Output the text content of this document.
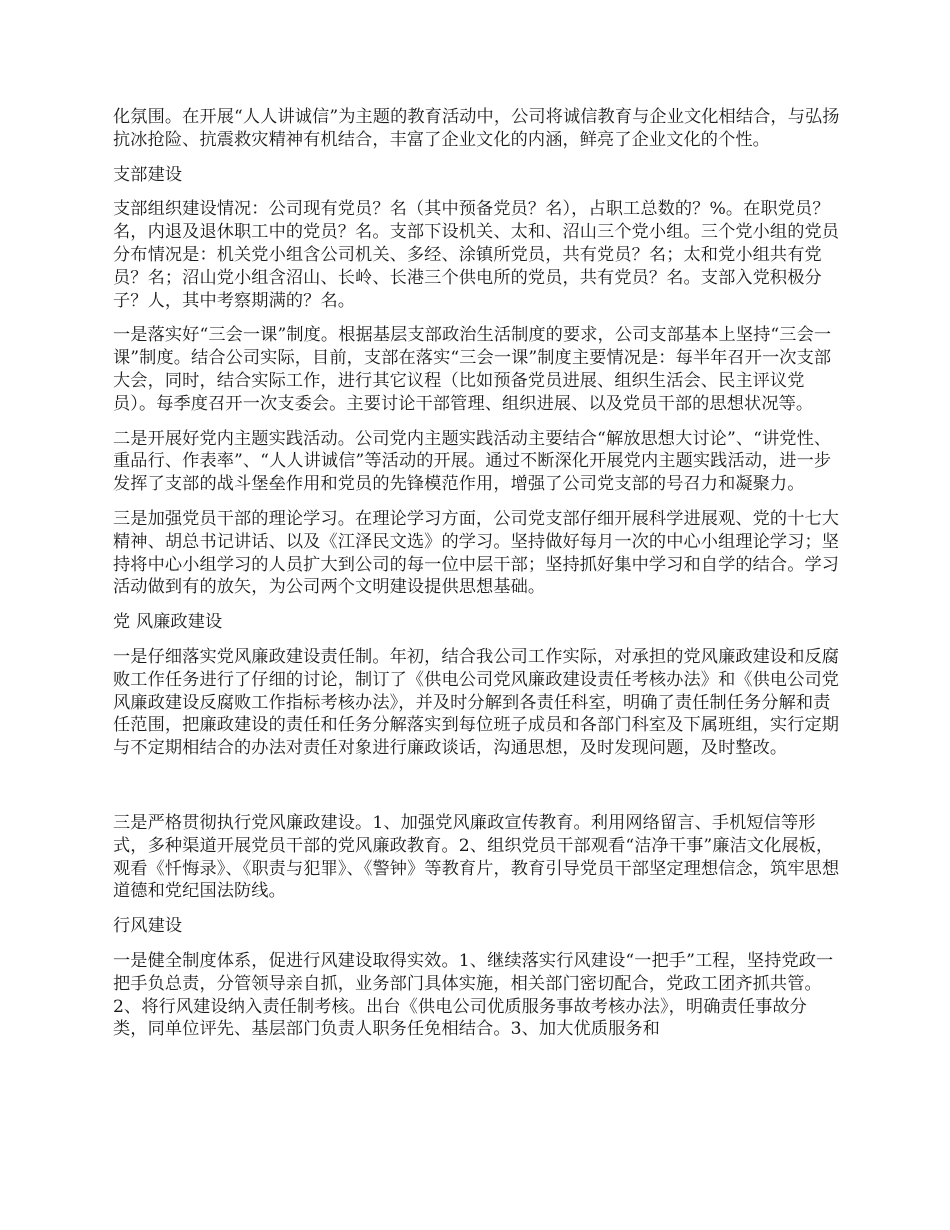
化氛围。在开展“人人讲诚信”为主题的教育活动中，公司将诚信教育与企业文化相结合，与弘扬抗冰抢险、抗震救灾精神有机结合，丰富了企业文化的内涵，鲜亮了企业文化的个性。

支部建设

支部组织建设情况：公司现有党员？名（其中预备党员？名），占职工总数的？%。在职党员？名，内退及退休职工中的党员？名。支部下设机关、太和、沼山三个党小组。三个党小组的党员分布情况是：机关党小组含公司机关、多经、涂镇所党员，共有党员？名；太和党小组共有党员？名；沼山党小组含沼山、长岭、长港三个供电所的党员，共有党员？名。支部入党积极分子？人，其中考察期满的？名。

一是落实好“三会一课”制度。根据基层支部政治生活制度的要求，公司支部基本上坚持“三会一课”制度。结合公司实际，目前，支部在落实“三会一课”制度主要情况是：每半年召开一次支部大会，同时，结合实际工作，进行其它议程（比如预备党员进展、组织生活会、民主评议党员）。每季度召开一次支委会。主要讨论干部管理、组织进展、以及党员干部的思想状况等。

二是开展好党内主题实践活动。公司党内主题实践活动主要结合“解放思想大讨论”、“讲党性、重品行、作表率”、“人人讲诚信”等活动的开展。通过不断深化开展党内主题实践活动，进一步发挥了支部的战斗堡垒作用和党员的先锋模范作用，增强了公司党支部的号召力和凝聚力。

三是加强党员干部的理论学习。在理论学习方面，公司党支部仔细开展科学进展观、党的十七大精神、胡总书记讲话、以及《江泽民文选》的学习。坚持做好每月一次的中心小组理论学习；坚持将中心小组学习的人员扩大到公司的每一位中层干部；坚持抓好集中学习和自学的结合。学习活动做到有的放矢，为公司两个文明建设提供思想基础。

党 风廉政建设

一是仔细落实党风廉政建设责任制。年初，结合我公司工作实际，对承担的党风廉政建设和反腐败工作任务进行了仔细的讨论，制订了《供电公司党风廉政建设责任考核办法》和《供电公司党风廉政建设反腐败工作指标考核办法》，并及时分解到各责任科室，明确了责任制任务分解和责任范围，把廉政建设的责任和任务分解落实到每位班子成员和各部门科室及下属班组，实行定期与不定期相结合的办法对责任对象进行廉政谈话，沟通思想，及时发现问题，及时整改。

三是严格贯彻执行党风廉政建设。1、加强党风廉政宣传教育。利用网络留言、手机短信等形式，多种渠道开展党员干部的党风廉政教育。2、组织党员干部观看“洁净干事”廉洁文化展板，观看《忏悔录》、《职责与犯罪》、《警钟》等教育片，教育引导党员干部坚定理想信念，筑牢思想道德和党纪国法防线。

行风建设

一是健全制度体系，促进行风建设取得实效。1、继续落实行风建设“一把手”工程，坚持党政一把手负总责，分管领导亲自抓，业务部门具体实施，相关部门密切配合，党政工团齐抓共管。2、将行风建设纳入责任制考核。出台《供电公司优质服务事故考核办法》，明确责任事故分类，同单位评先、基层部门负责人职务任免相结合。3、加大优质服务和
